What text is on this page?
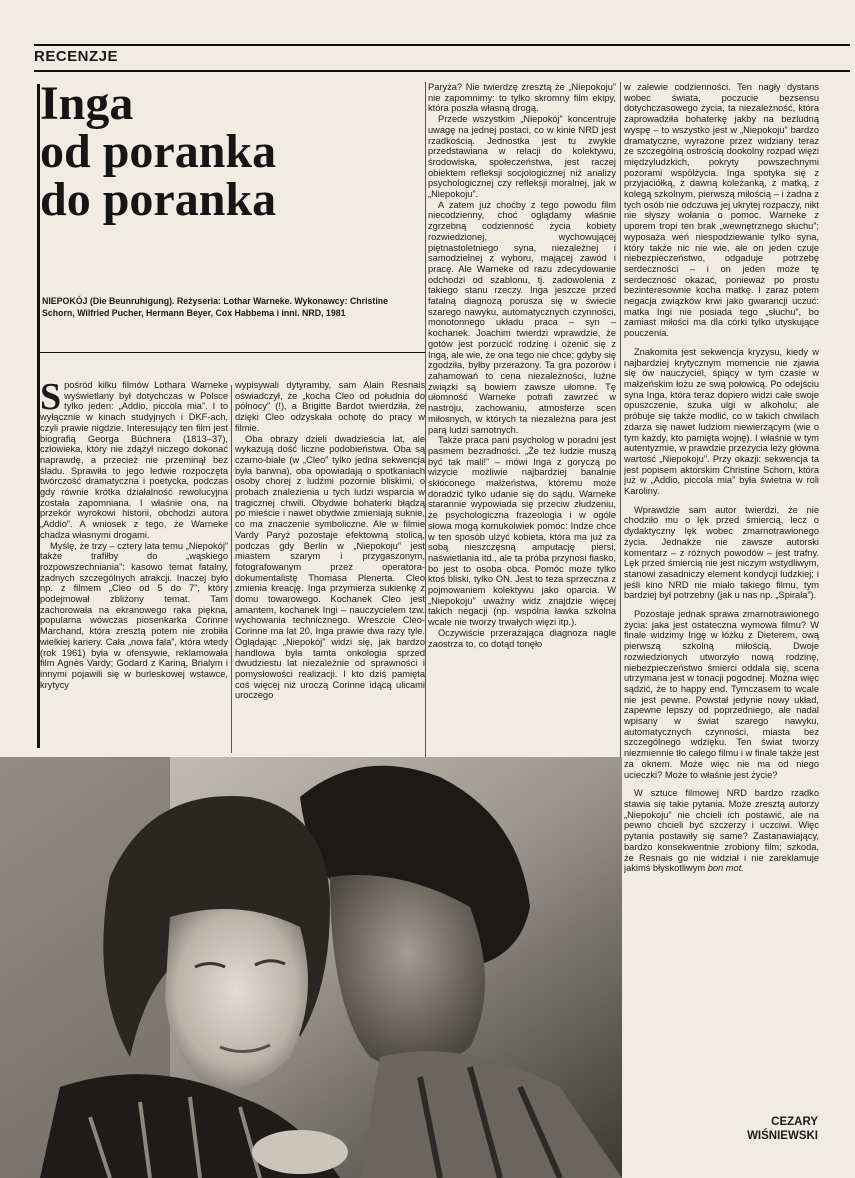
RECENZJE
Inga
od poranka
do poranka
NIEPOKÓJ (Die Beunruhigung). Reżyseria: Lothar Warneke. Wykonawcy: Christine Schorn, Wilfried Pucher, Hermann Beyer, Cox Habbema i inni. NRD, 1981

Spośród kilku filmów Lothara Warneke wyświetlany był dotychczas w Polsce tylko jeden: „Addio, piccola mia”. I to wyłącznie w kinach studyjnych i DKF-ach, czyli prawie nigdzie. Interesujący ten film jest biografią Georga Büchnera (1813–37), człowieka, który nie zdążył niczego dokonać naprawdę, a przecież nie przeminął bez śladu. Sprawiła to jego ledwie rozpoczęta twórczość dramatyczna i poetycka, podczas gdy równie krótka działalność rewolucyjna została zapomniana. I właśnie ona, na przekór wyrokowi historii, obchodzi autora „Addio”. A wniosek z tego, że Warneke chadza własnymi drogami.

Myślę, że trzy – cztery lata temu „Niepokój” także trafiłby do „wąskiego rozpowszechniania”: kasowo temat fatalny, żadnych szczególnych atrakcji. Inaczej było np. z filmem „Cleo od 5 do 7”, który podejmował zbliżony temat. Tam zachorowała na ekranowego raka piękna, popularna wówczas piosenkarka Corinne Marchand, która zresztą potem nie zrobiła wielkiej kariery. Cała „nowa fala”, która wtedy (rok 1961) była w ofensywie, reklamowała film Agnès Vardy; Godard z Kariną, Brialym i innymi pojawili się w burleskowej wstawce, krytycy

wypisywali dytyramby, sam Alain Resnais oświadczył, że „kocha Cleo od południa do północy” (!), a Brigitte Bardot twierdziła, że dzięki Cleo odzyskała ochotę do pracy w filmie.

Oba obrazy dzieli dwadzieścia lat, ale wykazują dość liczne podobieństwa. Oba są czarno-białe (w „Cleo” tylko jedna sekwencja była barwna), oba opowiadają o spotkaniach osoby chorej z ludźmi pozornie bliskimi, o probach znalezienia u tych ludzi wsparcia w tragicznej chwili. Obydwie bohaterki błądzą po mieście i nawet obydwie zmieniają suknie, co ma znaczenie symboliczne. Ale w filmie Vardy Paryż pozostaje efektowną stolicą, podczas gdy Berlin w „Niepokoju” jest miastem szarym i przygaszonym, fotografowanym przez operatora-dokumentalistę Thomasa Plenerta. Cleo zmienia kreację. Inga przymierza sukienkę z domu towarowego. Kochanek Cleo jest amantem, kochanek Ingi – nauczycielem tzw. wychowania technicznego. Wreszcie Cleo-Corinne ma lat 20, Inga prawie dwa razy tyle. Oglądając „Niepokój” widzi się, jak bardzo handlowa była tamta onkologia sprzed dwudziestu lat niezależnie od sprawności i pomysłowości realizacji. I kto dziś pamięta coś więcej niż uroczą Corinne idącą ulicami uroczego

Paryża? Nie twierdzę zresztą że „Niepokoju” nie zapomnimy: to tylko skromny film ekipy, która poszła własną drogą.

Przede wszystkim „Niepokój” koncentruje uwagę na jednej postaci, co w kinie NRD jest rzadkością. Jednostka jest tu zwykle przedstawiana w relacji do kolektywu, środowiska, społeczeństwa, jest raczej obiektem refleksji socjologicznej niż analizy psychologicznej czy refleksji moralnej, jak w „Niepokoju”.

A zatem już choćby z tego powodu film niecodzienny, choć oglądamy właśnie zgrzebną codzienność życia kobiety rozwiedzionej, wychowującej piętnastoletniego syna, niezależnej i samodzielnej z wyboru, mającej zawód i pracę. Ale Warneke od razu zdecydowanie odchodzi od szablonu, tj. zadowolenia z takiego stanu rzeczy. Inga jeszcze przed fatalną diagnozą porusza się w świecie szarego nawyku, automatycznych czynności, monotonnego układu praca – syn – kochanek. Joachim twierdzi wprawdzie, że gotów jest porzucić rodzinę i ożenić się z Ingą, ale wie, że ona tego nie chce; gdyby się zgodziła, byłby przerażony. Ta gra pozorów i zahamowań to cena niezależności, luźne związki są bowiem zawsze ułomne. Tę ułomność Warneke potrafi zawrzeć w nastroju, zachowaniu, atmosferze scen miłosnych, w których ta niezależna para jest parą ludzi samotnych.

Także praca pani psycholog w poradni jest pasmem bezradności. „Że też ludzie muszą być tak mali!” – mówi Inga z goryczą po wizycie możliwie najbardziej banalnie skłóconego małżeństwa, któremu może doradzić tylko udanie się do sądu. Warneke starannie wypowiada się przeciw złudzeniu, że psychologiczna frazeologia i w ogóle słowa mogą komukolwiek pomóc: Indze chce w ten sposób ulżyć kobieta, która ma już za sobą nieszczęsną amputację piersi, naświetlania itd., ale ta próba przynosi fiasko, bo jest to osoba obca. Pomóc może tylko ktoś bliski, tylko ON. Jest to teza sprzeczna z pojmowaniem kolektywu jako oparcia. W „Niepokoju” uważny widz znajdzie więcej takich negacji (np. wspólna ławka szkolna wcale nie tworzy trwałych więzi itp.).

Oczywiście przerażająca diagnoza nagle zaostrza to, co dotąd tonęło

w zalewie codzienności. Ten nagły dystans wobec świata, poczucie bezsensu dotychczasowego życia, ta niezależność, która zaprowadziła bohaterkę jakby na bezludną wyspę – to wszystko jest w „Niepokoju” bardzo dramatyczne, wyrażone przez widziany teraz ze szczególną ostrością dookolny rozpad więzi międzyludzkich, pokryty powszechnymi pozorami współżycia. Inga spotyka się z przyjaciółką, z dawną koleżanką, z matką, z kolegą szkolnym, pierwszą miłością – i żadna z tych osób nie odczuwa jej ukrytej rozpaczy, nikt nie słyszy wołania o pomoc. Warneke z uporem tropi ten brak „wewnętrznego słuchu”; wyposaża weń niespodziewanie tylko syna, który także nic nie wie, ale on jeden czuje niebezpieczeństwo, odgaduje potrzebę serdeczności – i on jeden może tę serdeczność okazać, ponieważ po prostu bezinteresownie kocha matkę. I zaraz potem negacja związków krwi jako gwarancji uczuć: matka Ingi nie posiada tego „słuchu”, bo zamiast miłości ma dla córki tylko utyskujące pouczenia.

Znakomita jest sekwencja kryzysu, kiedy w najbardziej krytycznym momencie nie zjawia się ów nauczyciel, śpiący w tym czasie w małżeńskim łożu ze swą połowicą. Po odejściu syna Inga, która teraz dopiero widzi całe swoje opuszczenie, szuka ulgi w alkoholu; ale próbuje się także modlić, co w takich chwilach zdarza się nawet ludziom niewierzącym (wie o tym każdy, kto pamięta wojnę). I właśnie w tym autentyzmie, w prawdzie przeżycia leży główna wartość „Niepokoju”. Przy okazji: sekwencja ta jest popisem aktorskim Christine Schorn, która już w „Addio, piccola mia” była świetna w roli Karoliny.

Wprawdzie sam autor twierdzi, że nie chodziło mu o lęk przed śmiercią, lecz o dydaktyczny lęk wobec zmarnotrawionego życia. Jednakże nie zawsze autorski komentarz – z różnych powodów – jest trafny. Lęk przed śmiercią nie jest niczym wstydliwym, stanowi zasadniczy element kondycji ludzkiej; i jeśli kino NRD nie miało takiego filmu, tym bardziej był potrzebny (jak u nas np. „Spirala”).

Pozostaje jednak sprawa zmarnotrawionego życia: jaka jest ostateczna wymowa filmu? W finale widzimy Ingę w łóżku z Dieterem, ową pierwszą szkolną miłością. Dwoje rozwiedzionych utworzyło nową rodzinę, niebezpieczeństwo śmierci oddala się, scena utrzymana jest w tonacji pogodnej. Można więc sądzić, że to happy end. Tymczasem to wcale nie jest pewne. Powstał jedynie nowy układ, zapewne lepszy od poprzedniego, ale nadal wpisany w świat szarego nawyku, automatycznych czynności, miasta bez szczególnego wdzięku. Ten świat tworzy niezmiennie tło całego filmu i w finale także jest za oknem. Może więc nie ma od niego ucieczki? Może to właśnie jest życie?

W sztuce filmowej NRD bardzo rzadko stawia się takie pytania. Może zresztą autorzy „Niepokoju” nie chcieli ich postawić, ale na pewno chcieli być szczerzy i uczciwi. Więc pytania postawiły się same? Zastanawiający, bardzo konsekwentnie zrobiony film; szkoda, że Resnais go nie widział i nie zareklamuje jakimś błyskotliwym bon mot.

CEZARY
WIŚNIEWSKI
